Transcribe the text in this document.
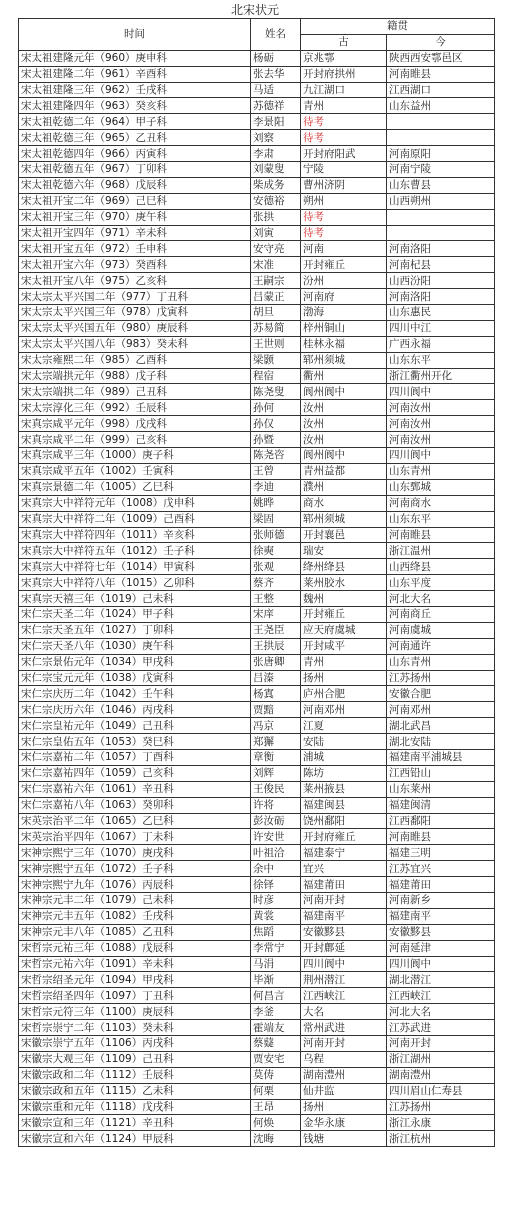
北宋状元
时间	姓名	籍贯	
		古	今
宋太祖建隆元年（960）庚申科	杨砺	京兆鄠	陕西西安鄠邑区
宋太祖建隆二年（961）辛酉科	张去华	开封府拱州	河南睢县
宋太祖建隆三年（962）壬戌科	马适	九江湖口	江西湖口
宋太祖建隆四年（963）癸亥科	苏德祥	青州	山东益州
宋太祖乾德二年（964）甲子科	李景阳	待考	
宋太祖乾德三年（965）乙丑科	刘察	待考	
宋太祖乾德四年（966）丙寅科	李肃	开封府阳武	河南原阳
宋太祖乾德五年（967）丁卯科	刘蒙叟	宁陵	河南宁陵
宋太祖乾德六年（968）戊辰科	柴成务	曹州济阴	山东曹县
宋太祖开宝二年（969）己巳科	安德裕	朔州	山西朔州
宋太祖开宝三年（970）庚午科	张拱	待考	
宋太祖开宝四年（971）辛未科	刘寅	待考	
宋太祖开宝五年（972）壬申科	安守亮	河南	河南洛阳
宋太祖开宝六年（973）癸酉科	宋准	开封雍丘	河南杞县
宋太祖开宝八年（975）乙亥科	王嗣宗	汾州	山西汾阳
宋太宗太平兴国二年（977）丁丑科	吕蒙正	河南府	河南洛阳
宋太宗太平兴国三年（978）戊寅科	胡旦	渤海	山东惠民
宋太宗太平兴国五年（980）庚辰科	苏易简	梓州铜山	四川中江
宋太宗太平兴国八年（983）癸未科	王世则	桂林永福	广西永福
宋太宗雍熙二年（985）乙酉科	梁颢	郓州须城	山东东平
宋太宗端拱元年（988）戊子科	程宿	衢州	浙江衢州开化
宋太宗端拱二年（989）己丑科	陈尧叟	阆州阆中	四川阆中
宋太宗淳化三年（992）壬辰科	孙何	汝州	河南汝州
宋真宗咸平元年（998）戊戌科	孙仅	汝州	河南汝州
宋真宗咸平二年（999）己亥科	孙暨	汝州	河南汝州
宋真宗咸平三年（1000）庚子科	陈尧咨	阆州阆中	四川阆中
宋真宗咸平五年（1002）壬寅科	王曾	青州益都	山东青州
宋真宗景德二年（1005）乙巳科	李迪	濮州	山东鄄城
宋真宗大中祥符元年（1008）戊申科	姚晔	商水	河南商水
宋真宗大中祥符二年（1009）己酉科	梁固	郓州须城	山东东平
宋真宗大中祥符四年（1011）辛亥科	张师德	开封襄邑	河南睢县
宋真宗大中祥符五年（1012）壬子科	徐奭	瑞安	浙江温州
宋真宗大中祥符七年（1014）甲寅科	张观	绛州绛县	山西绛县
宋真宗大中祥符八年（1015）乙卯科	蔡齐	莱州胶水	山东平度
宋真宗天禧三年（1019）己未科	王整	魏州	河北大名
宋仁宗天圣二年（1024）甲子科	宋庠	开封雍丘	河南商丘
宋仁宗天圣五年（1027）丁卯科	王尧臣	应天府虞城	河南虞城
宋仁宗天圣八年（1030）庚午科	王拱辰	开封咸平	河南通许
宋仁宗景佑元年（1034）甲戌科	张唐卿	青州	山东青州
宋仁宗宝元元年（1038）戊寅科	吕溱	扬州	江苏扬州
宋仁宗庆历二年（1042）壬午科	杨寘	庐州合肥	安徽合肥
宋仁宗庆历六年（1046）丙戌科	贾黯	河南邓州	河南邓州
宋仁宗皇祐元年（1049）己丑科	冯京	江夏	湖北武昌
宋仁宗皇佑五年（1053）癸巳科	郑獬	安陆	湖北安陆
宋仁宗嘉祐二年（1057）丁酉科	章衡	浦城	福建南平浦城县
宋仁宗嘉祐四年（1059）己亥科	刘辉	陈坊	江西铅山
宋仁宗嘉祐六年（1061）辛丑科	王俊民	莱州掖县	山东莱州
宋仁宗嘉祐八年（1063）癸卯科	许将	福建闽县	福建闽清
宋英宗治平二年（1065）乙巳科	彭汝砺	饶州鄱阳	江西鄱阳
宋英宗治平四年（1067）丁未科	许安世	开封府雍丘	河南睢县
宋神宗熙宁三年（1070）庚戌科	叶祖洽	福建泰宁	福建三明
宋神宗熙宁五年（1072）壬子科	余中	宜兴	江苏宜兴
宋神宗熙宁九年（1076）丙辰科	徐铎	福建莆田	福建莆田
宋神宗元丰二年（1079）己未科	时彦	河南开封	河南新乡
宋神宗元丰五年（1082）壬戌科	黄裳	福建南平	福建南平
宋神宗元丰八年（1085）乙丑科	焦蹈	安徽黟县	安徽黟县
宋哲宗元祐三年（1088）戊辰科	李常宁	开封鄜延	河南延津
宋哲宗元祐六年（1091）辛未科	马涓	四川阆中	四川阆中
宋哲宗绍圣元年（1094）甲戌科	毕渐	荆州潜江	湖北潜江
宋哲宗绍圣四年（1097）丁丑科	何昌言	江西峡江	江西峡江
宋哲宗元符三年（1100）庚辰科	李釜	大名	河北大名
宋哲宗崇宁二年（1103）癸未科	霍端友	常州武进	江苏武进
宋徽宗崇宁五年（1106）丙戌科	蔡薿	河南开封	河南开封
宋徽宗大观三年（1109）己丑科	贾安宅	乌程	浙江湖州
宋徽宗政和二年（1112）壬辰科	莫俦	湖南澧州	湖南澧州
宋徽宗政和五年（1115）乙未科	何栗	仙井监	四川眉山仁寿县
宋徽宗重和元年（1118）戊戌科	王昂	扬州	江苏扬州
宋徽宗宣和三年（1121）辛丑科	何焕	金华永康	浙江永康
宋徽宗宣和六年（1124）甲辰科	沈晦	钱塘	浙江杭州
